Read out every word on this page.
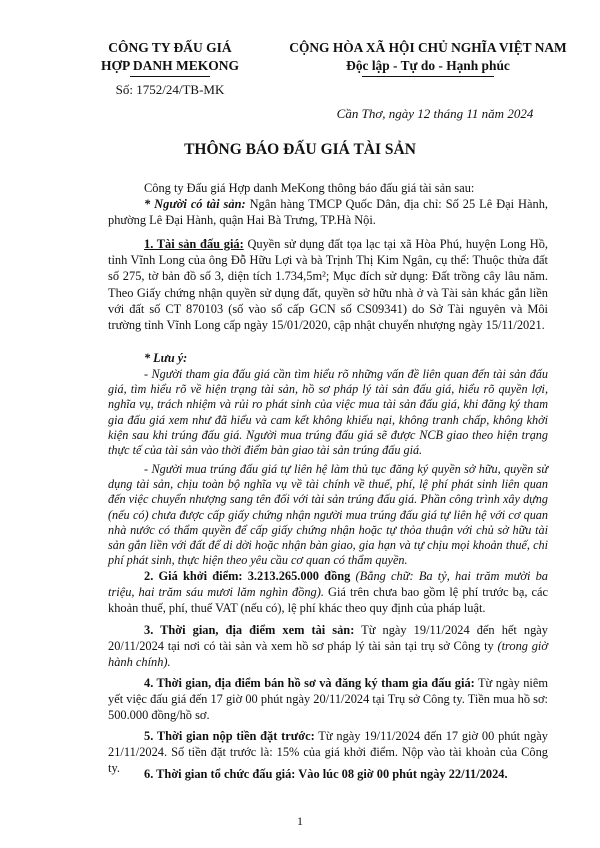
CÔNG TY ĐẤU GIÁ
HỢP DANH MEKONG
Số: 1752/24/TB-MK
CỘNG HÒA XÃ HỘI CHỦ NGHĨA VIỆT NAM
Độc lập - Tự do - Hạnh phúc
Cần Thơ, ngày 12 tháng 11 năm 2024
THÔNG BÁO ĐẤU GIÁ TÀI SẢN
Công ty Đấu giá Hợp danh MeKong thông báo đấu giá tài sản sau:
* Người có tài sản: Ngân hàng TMCP Quốc Dân, địa chỉ: Số 25 Lê Đại Hành, phường Lê Đại Hành, quận Hai Bà Trưng, TP.Hà Nội.
1. Tài sản đấu giá: Quyền sử dụng đất tọa lạc tại xã Hòa Phú, huyện Long Hồ, tỉnh Vĩnh Long của ông Đỗ Hữu Lợi và bà Trịnh Thị Kim Ngân, cụ thể: Thuộc thửa đất số 275, tờ bản đồ số 3, diện tích 1.734,5m²; Mục đích sử dụng: Đất trồng cây lâu năm. Theo Giấy chứng nhận quyền sử dụng đất, quyền sở hữu nhà ở và Tài sản khác gắn liền với đất số CT 870103 (số vào sổ cấp GCN số CS09341) do Sở Tài nguyên và Môi trường tỉnh Vĩnh Long cấp ngày 15/01/2020, cập nhật chuyển nhượng ngày 15/11/2021.
* Lưu ý:
- Người tham gia đấu giá cần tìm hiểu rõ những vấn đề liên quan đến tài sản đấu giá, tìm hiểu rõ về hiện trạng tài sản, hồ sơ pháp lý tài sản đấu giá, hiểu rõ quyền lợi, nghĩa vụ, trách nhiệm và rủi ro phát sinh của việc mua tài sản đấu giá, khi đăng ký tham gia đấu giá xem như đã hiểu và cam kết không khiếu nại, không tranh chấp, không khởi kiện sau khi trúng đấu giá. Người mua trúng đấu giá sẽ được NCB giao theo hiện trạng thực tế của tài sản vào thời điểm bàn giao tài sản trúng đấu giá.
- Người mua trúng đấu giá tự liên hệ làm thủ tục đăng ký quyền sở hữu, quyền sử dụng tài sản, chịu toàn bộ nghĩa vụ về tài chính về thuế, phí, lệ phí phát sinh liên quan đến việc chuyển nhượng sang tên đối với tài sản trúng đấu giá. Phần công trình xây dựng (nếu có) chưa được cấp giấy chứng nhận người mua trúng đấu giá tự liên hệ với cơ quan nhà nước có thẩm quyền để cấp giấy chứng nhận hoặc tự thỏa thuận với chủ sở hữu tài sản gắn liền với đất để di dời hoặc nhận bàn giao, gia hạn và tự chịu mọi khoản thuế, chi phí phát sinh, thực hiện theo yêu cầu cơ quan có thẩm quyền.
2. Giá khởi điểm: 3.213.265.000 đồng (Bằng chữ: Ba tỷ, hai trăm mười ba triệu, hai trăm sáu mươi lăm nghìn đồng). Giá trên chưa bao gồm lệ phí trước bạ, các khoản thuế, phí, thuế VAT (nếu có), lệ phí khác theo quy định của pháp luật.
3. Thời gian, địa điểm xem tài sản: Từ ngày 19/11/2024 đến hết ngày 20/11/2024 tại nơi có tài sản và xem hồ sơ pháp lý tài sản tại trụ sở Công ty (trong giờ hành chính).
4. Thời gian, địa điểm bán hồ sơ và đăng ký tham gia đấu giá: Từ ngày niêm yết việc đấu giá đến 17 giờ 00 phút ngày 20/11/2024 tại Trụ sở Công ty. Tiền mua hồ sơ: 500.000 đồng/hồ sơ.
5. Thời gian nộp tiền đặt trước: Từ ngày 19/11/2024 đến 17 giờ 00 phút ngày 21/11/2024. Số tiền đặt trước là: 15% của giá khởi điểm. Nộp vào tài khoản của Công ty.	6. Thời gian tổ chức đấu giá: Vào lúc 08 giờ 00 phút ngày 22/11/2024.
1
